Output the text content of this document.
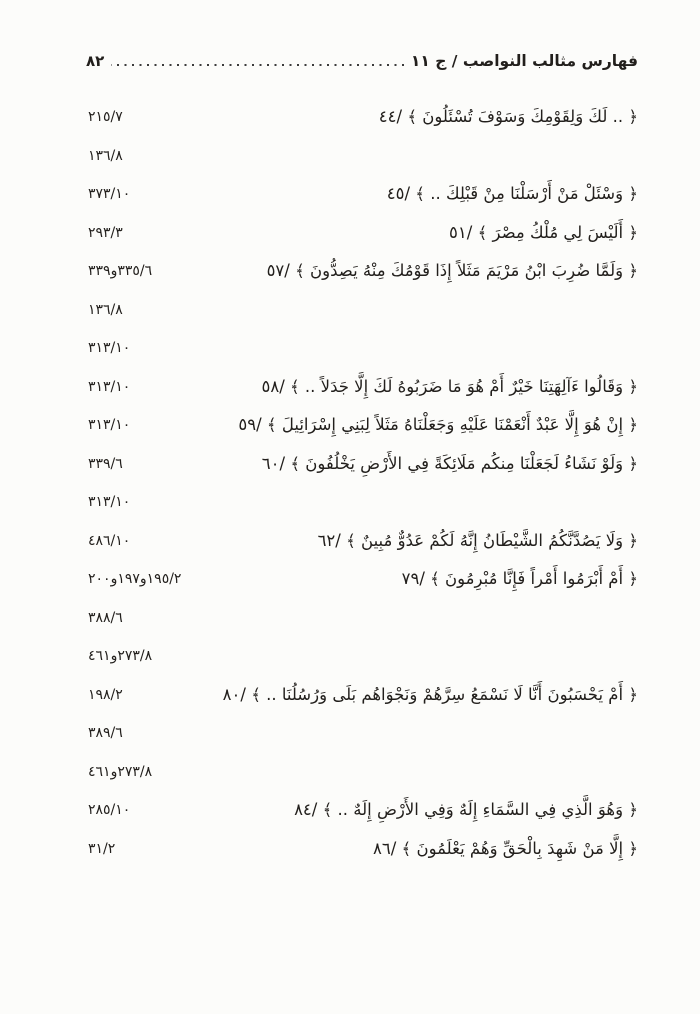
فهارس مثالب النواصب / ج ١١
٨٢
﴿ .. لَكَ وَلِقَوْمِكَ وَسَوْفَ تُسْئَلُونَ ﴾ /٤٤
٢١٥/٧
١٣٦/٨
﴿ وَسْئَلْ مَنْ أَرْسَلْنَا مِنْ قَبْلِكَ .. ﴾ /٤٥
٣٧٣/١٠
﴿ أَلَيْسَ لِي مُلْكُ مِصْرَ ﴾ /٥١
٢٩٣/٣
﴿ وَلَمَّا ضُرِبَ ابْنُ مَرْيَمَ مَثَلاً إِذَا قَوْمُكَ مِنْهُ يَصِدُّونَ ﴾ /٥٧
٣٣٥/٦و٣٣٩
١٣٦/٨
٣١٣/١٠
﴿ وَقَالُوا ءَآلِهَتِنَا خَيْرٌ أَمْ هُوَ مَا ضَرَبُوهُ لَكَ إِلَّا جَدَلاً .. ﴾ /٥٨
٣١٣/١٠
﴿ إِنْ هُوَ إِلَّا عَبْدٌ أَنْعَمْنَا عَلَيْهِ وَجَعَلْنَاهُ مَثَلاً لِبَنِي إِسْرَائِيلَ ﴾ /٥٩
٣١٣/١٠
﴿ وَلَوْ نَشَاءُ لَجَعَلْنَا مِنكُم مَلَائِكَةً فِي الأَرْضِ يَخْلُفُونَ ﴾ /٦٠
٣٣٩/٦
٣١٣/١٠
﴿ وَلَا يَصُدَّنَّكُمُ الشَّيْطَانُ إِنَّهُ لَكُمْ عَدُوٌّ مُبِينٌ ﴾ /٦٢
٤٨٦/١٠
﴿ أَمْ أَبْرَمُوا أَمْراً فَإِنَّا مُبْرِمُونَ ﴾ /٧٩
١٩٥/٢و١٩٧و٢٠٠
٣٨٨/٦
٢٧٣/٨و٤٦١
﴿ أَمْ يَحْسَبُونَ أَنَّا لَا نَسْمَعُ سِرَّهُمْ وَنَجْوَاهُم بَلَى وَرُسُلُنَا .. ﴾ /٨٠
١٩٨/٢
٣٨٩/٦
٢٧٣/٨و٤٦١
﴿ وَهُوَ الَّذِي فِي السَّمَاءِ إِلَهٌ وَفِي الأَرْضِ إِلَهٌ .. ﴾ /٨٤
٢٨٥/١٠
﴿ إِلَّا مَنْ شَهِدَ بِالْحَقِّ وَهُمْ يَعْلَمُونَ ﴾ /٨٦
٣١/٢
